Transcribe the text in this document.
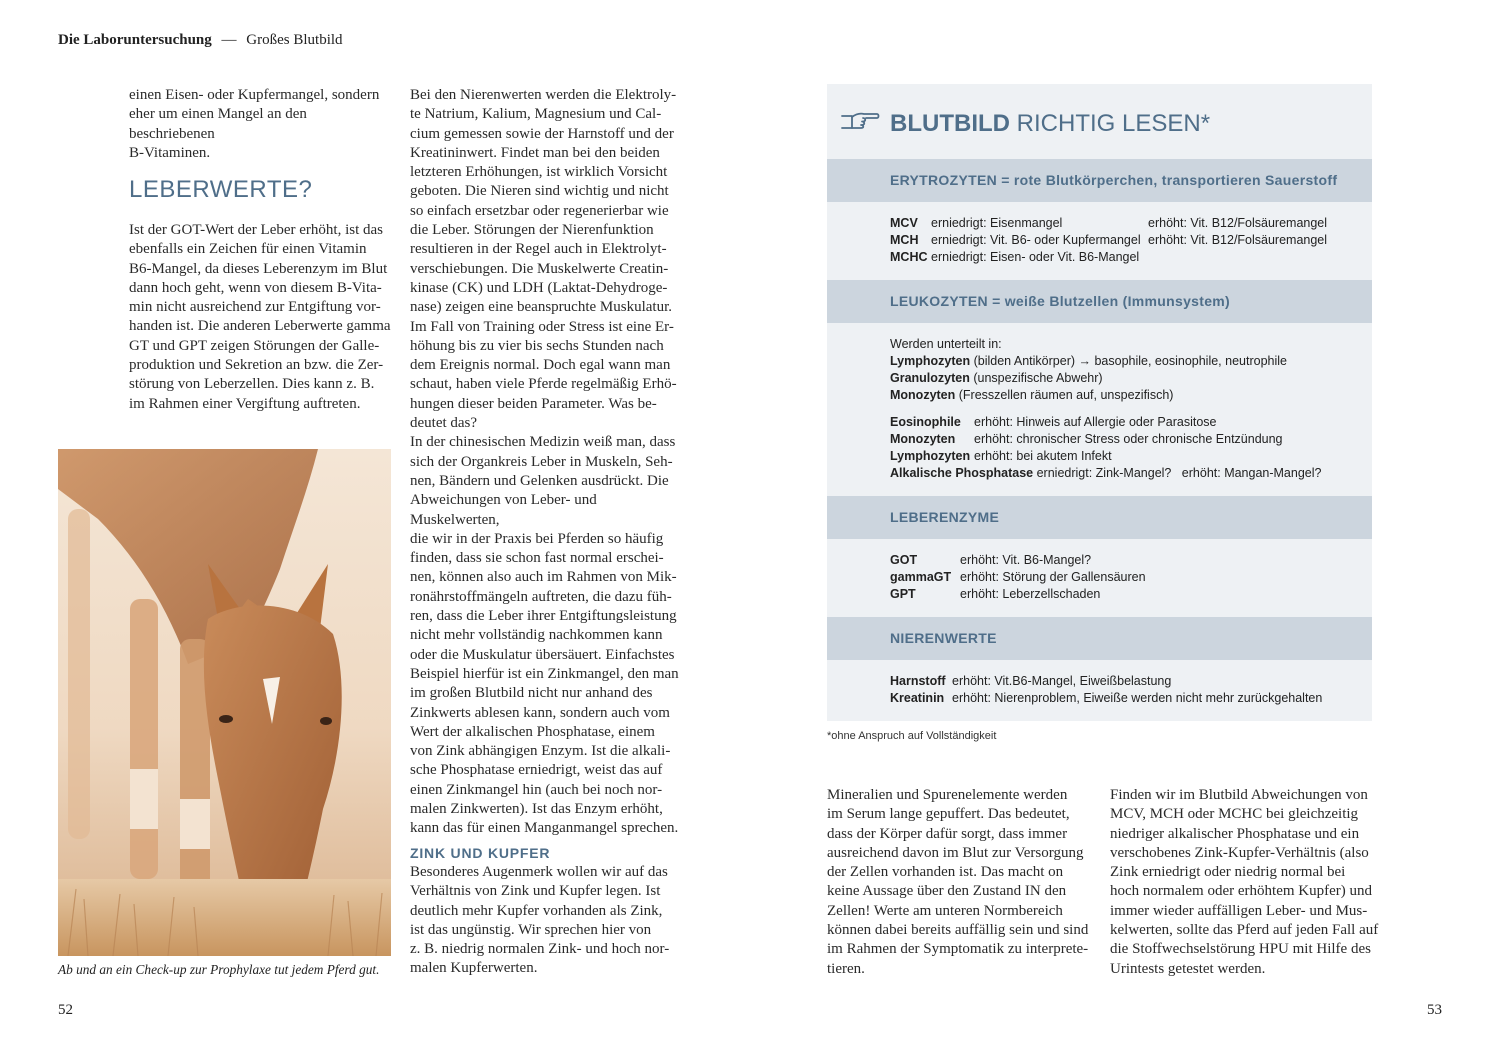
Die Laboruntersuchung — Großes Blutbild

einen Eisen- oder Kupfermangel, sondern

eher um einen Mangel an den beschriebenen

B-Vitaminen.

LEBERWERTE?

Ist der GOT-Wert der Leber erhöht, ist das

ebenfalls ein Zeichen für einen Vitamin

B6-Mangel, da dieses Leberenzym im Blut

dann hoch geht, wenn von diesem B-Vita-

min nicht ausreichend zur Entgiftung vor-

handen ist. Die anderen Leberwerte gamma

GT und GPT zeigen Störungen der Galle-

produktion und Sekretion an bzw. die Zer-

störung von Leberzellen. Dies kann z. B.

im Rahmen einer Vergiftung auftreten.

Ab und an ein Check-up zur Prophylaxe tut jedem Pferd gut.

Bei den Nierenwerten werden die Elektroly-

te Natrium, Kalium, Magnesium und Cal-

cium gemessen sowie der Harnstoff und der

Kreatininwert. Findet man bei den beiden

letzteren Erhöhungen, ist wirklich Vorsicht

geboten. Die Nieren sind wichtig und nicht

so einfach ersetzbar oder regenerierbar wie

die Leber. Störungen der Nierenfunktion

resultieren in der Regel auch in Elektrolyt-

verschiebungen. Die Muskelwerte Creatin-

kinase (CK) und LDH (Laktat-Dehydroge-

nase) zeigen eine beanspruchte Muskulatur.

Im Fall von Training oder Stress ist eine Er-

höhung bis zu vier bis sechs Stunden nach

dem Ereignis normal. Doch egal wann man

schaut, haben viele Pferde regelmäßig Erhö-

hungen dieser beiden Parameter. Was be-

deutet das?

In der chinesischen Medizin weiß man, dass

sich der Organkreis Leber in Muskeln, Seh-

nen, Bändern und Gelenken ausdrückt. Die

Abweichungen von Leber- und Muskelwerten,

die wir in der Praxis bei Pferden so häufig

finden, dass sie schon fast normal erschei-

nen, können also auch im Rahmen von Mik-

ronährstoffmängeln auftreten, die dazu füh-

ren, dass die Leber ihrer Entgiftungsleistung

nicht mehr vollständig nachkommen kann

oder die Muskulatur übersäuert. Einfachstes

Beispiel hierfür ist ein Zinkmangel, den man

im großen Blutbild nicht nur anhand des

Zinkwerts ablesen kann, sondern auch vom

Wert der alkalischen Phosphatase, einem

von Zink abhängigen Enzym. Ist die alkali-

sche Phosphatase erniedrigt, weist das auf

einen Zinkmangel hin (auch bei noch nor-

malen Zinkwerten). Ist das Enzym erhöht,

kann das für einen Manganmangel sprechen.

ZINK UND KUPFER

Besonderes Augenmerk wollen wir auf das

Verhältnis von Zink und Kupfer legen. Ist

deutlich mehr Kupfer vorhanden als Zink,

ist das ungünstig. Wir sprechen hier von

z. B. niedrig normalen Zink- und hoch nor-

malen Kupferwerten.

52
BLUTBILD RICHTIG LESEN*
ERYTROZYTEN = rote Blutkörperchen, transportieren Sauerstoff
MCV erniedrigt: Eisenmangel	erhöht: Vit. B12/Folsäuremangel
MCH erniedrigt: Vit. B6- oder Kupfermangel erhöht: Vit. B12/Folsäuremangel
MCHC erniedrigt: Eisen- oder Vit. B6-Mangel
LEUKOZYTEN = weiße Blutzellen (Immunsystem)
Werden unterteilt in:
Lymphozyten (bilden Antikörper) → basophile, eosinophile, neutrophile
Granulozyten (unspezifische Abwehr)
Monozyten (Fresszellen räumen auf, unspezifisch)
Eosinophile erhöht: Hinweis auf Allergie oder Parasitose
Monozyten erhöht: chronischer Stress oder chronische Entzündung
Lymphozyten erhöht: bei akutem Infekt
Alkalische Phosphatase erniedrigt: Zink-Mangel?   erhöht: Mangan-Mangel?
LEBERENZYME
GOT	erhöht: Vit. B6-Mangel?
gammaGT erhöht: Störung der Gallensäuren
GPT	erhöht: Leberzellschaden
NIERENWERTE
Harnstoff erhöht: Vit.B6-Mangel, Eiweißbelastung
Kreatinin erhöht: Nierenproblem, Eiweiße werden nicht mehr zurückgehalten
*ohne Anspruch auf Vollständigkeit

Mineralien und Spurenelemente werden

im Serum lange gepuffert. Das bedeutet,

dass der Körper dafür sorgt, dass immer

ausreichend davon im Blut zur Versorgung

der Zellen vorhanden ist. Das macht on

keine Aussage über den Zustand IN den

Zellen! Werte am unteren Normbereich

können dabei bereits auffällig sein und sind

im Rahmen der Symptomatik zu interprete-

tieren.

Finden wir im Blutbild Abweichungen von

MCV, MCH oder MCHC bei gleichzeitig

niedriger alkalischer Phosphatase und ein

verschobenes Zink-Kupfer-Verhältnis (also

Zink erniedrigt oder niedrig normal bei

hoch normalem oder erhöhtem Kupfer) und

immer wieder auffälligen Leber- und Mus-

kelwerten, sollte das Pferd auf jeden Fall auf

die Stoffwechselstörung HPU mit Hilfe des

Urintests getestet werden.

53
